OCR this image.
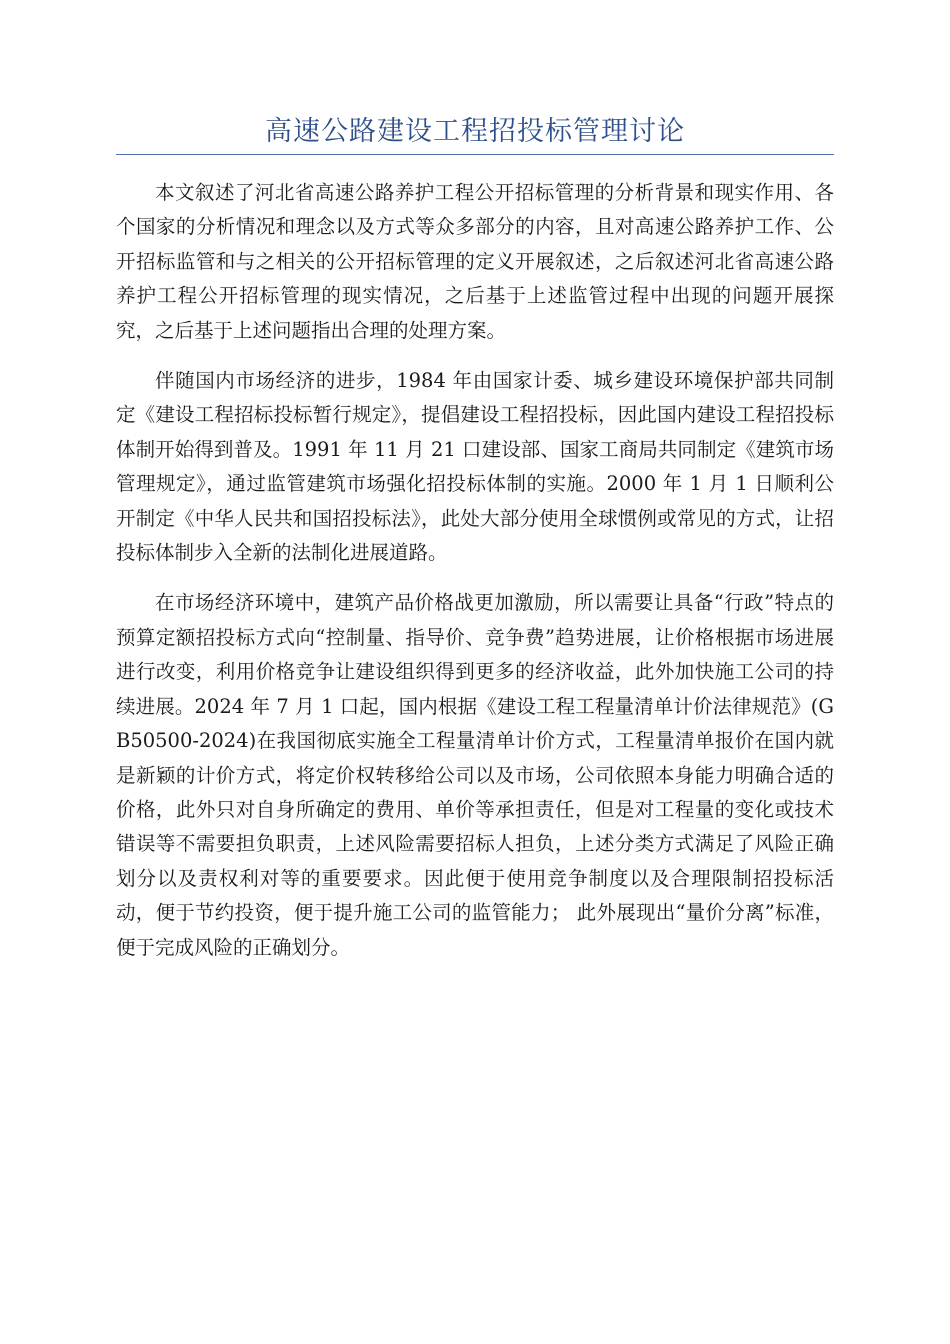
高速公路建设工程招投标管理讨论

本文叙述了河北省高速公路养护工程公开招标管理的分析背景和现实作用、各个国家的分析情况和理念以及方式等众多部分的内容，且对高速公路养护工作、公开招标监管和与之相关的公开招标管理的定义开展叙述，之后叙述河北省高速公路养护工程公开招标管理的现实情况，之后基于上述监管过程中出现的问题开展探究，之后基于上述问题指出合理的处理方案。

伴随国内市场经济的进步，1984 年由国家计委、城乡建设环境保护部共同制定《建设工程招标投标暂行规定》，提倡建设工程招投标，因此国内建设工程招投标体制开始得到普及。1991 年 11 月 21 口建设部、国家工商局共同制定《建筑市场管理规定》，通过监管建筑市场强化招投标体制的实施。2000 年 1 月 1 日顺利公开制定《中华人民共和国招投标法》，此处大部分使用全球惯例或常见的方式，让招投标体制步入全新的法制化进展道路。

在市场经济环境中，建筑产品价格战更加激励，所以需要让具备“行政”特点的预算定额招投标方式向“控制量、指导价、竞争费”趋势进展，让价格根据市场进展进行改变，利用价格竞争让建设组织得到更多的经济收益，此外加快施工公司的持续进展。2024 年 7 月 1 口起，国内根据《建设工程工程量清单计价法律规范》(GB50500-2024)在我国彻底实施全工程量清单计价方式，工程量清单报价在国内就是新颖的计价方式，将定价权转移给公司以及市场，公司依照本身能力明确合适的价格，此外只对自身所确定的费用、单价等承担责任，但是对工程量的变化或技术错误等不需要担负职责，上述风险需要招标人担负，上述分类方式满足了风险正确划分以及责权利对等的重要要求。因此便于使用竞争制度以及合理限制招投标活动，便于节约投资，便于提升施工公司的监管能力； 此外展现出“量价分离”标准，便于完成风险的正确划分。
